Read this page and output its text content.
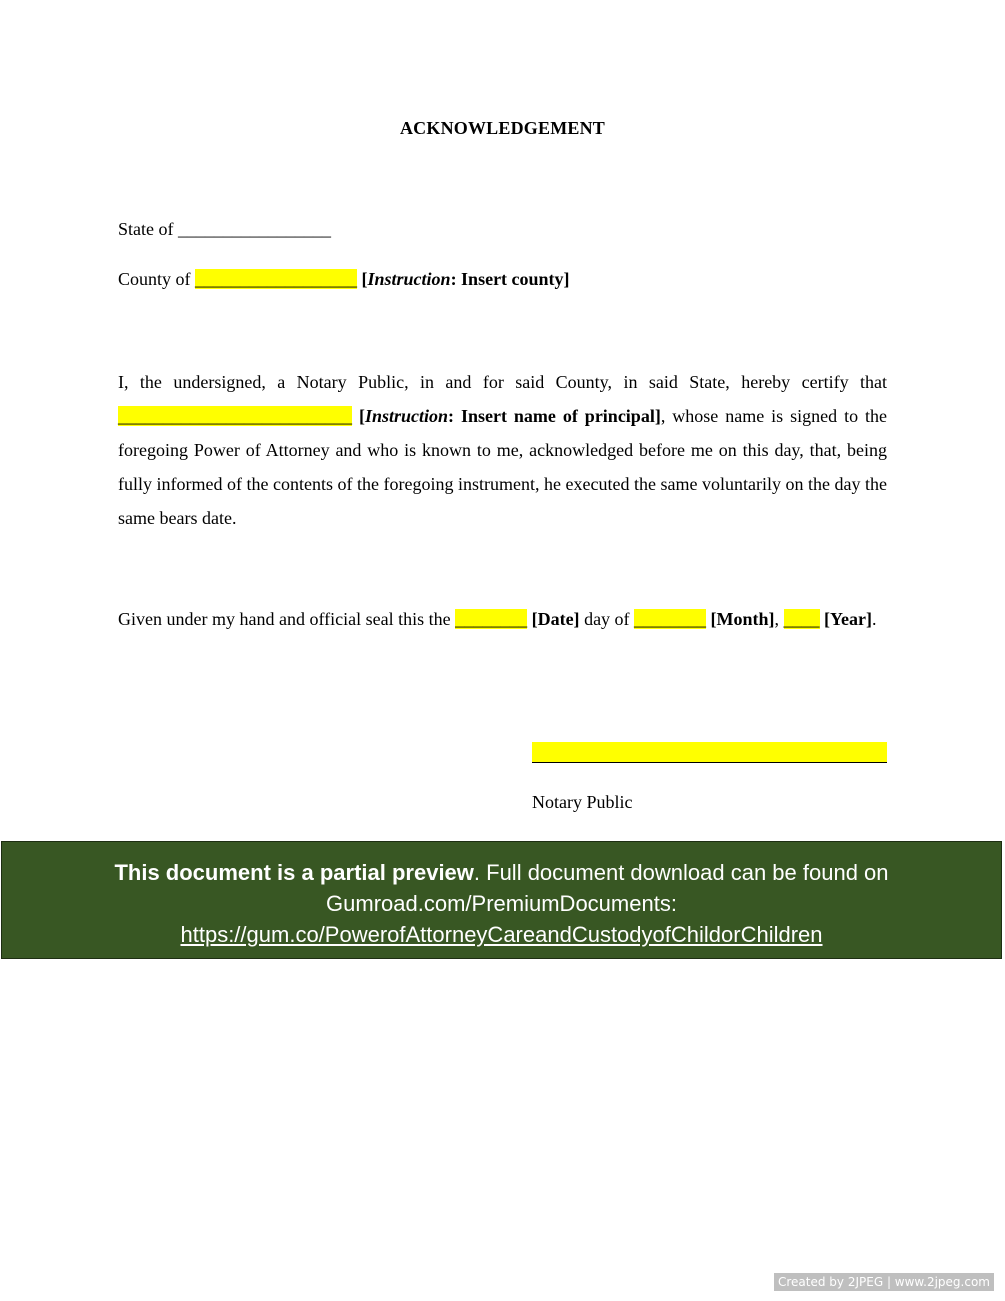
ACKNOWLEDGEMENT
State of _________________
County of __________________ [Instruction: Insert county]
I, the undersigned, a Notary Public, in and for said County, in said State, hereby certify that __________________________ [Instruction: Insert name of principal], whose name is signed to the foregoing Power of Attorney and who is known to me, acknowledged before me on this day, that, being fully informed of the contents of the foregoing instrument, he executed the same voluntarily on the day the same bears date.
Given under my hand and official seal this the ________ [Date] day of ________ [Month], ____ [Year].
Notary Public
This document is a partial preview. Full document download can be found on
Gumroad.com/PremiumDocuments:
https://gum.co/PowerofAttorneyCareandCustodyofChildorChildren
Created by 2JPEG | www.2jpeg.com
